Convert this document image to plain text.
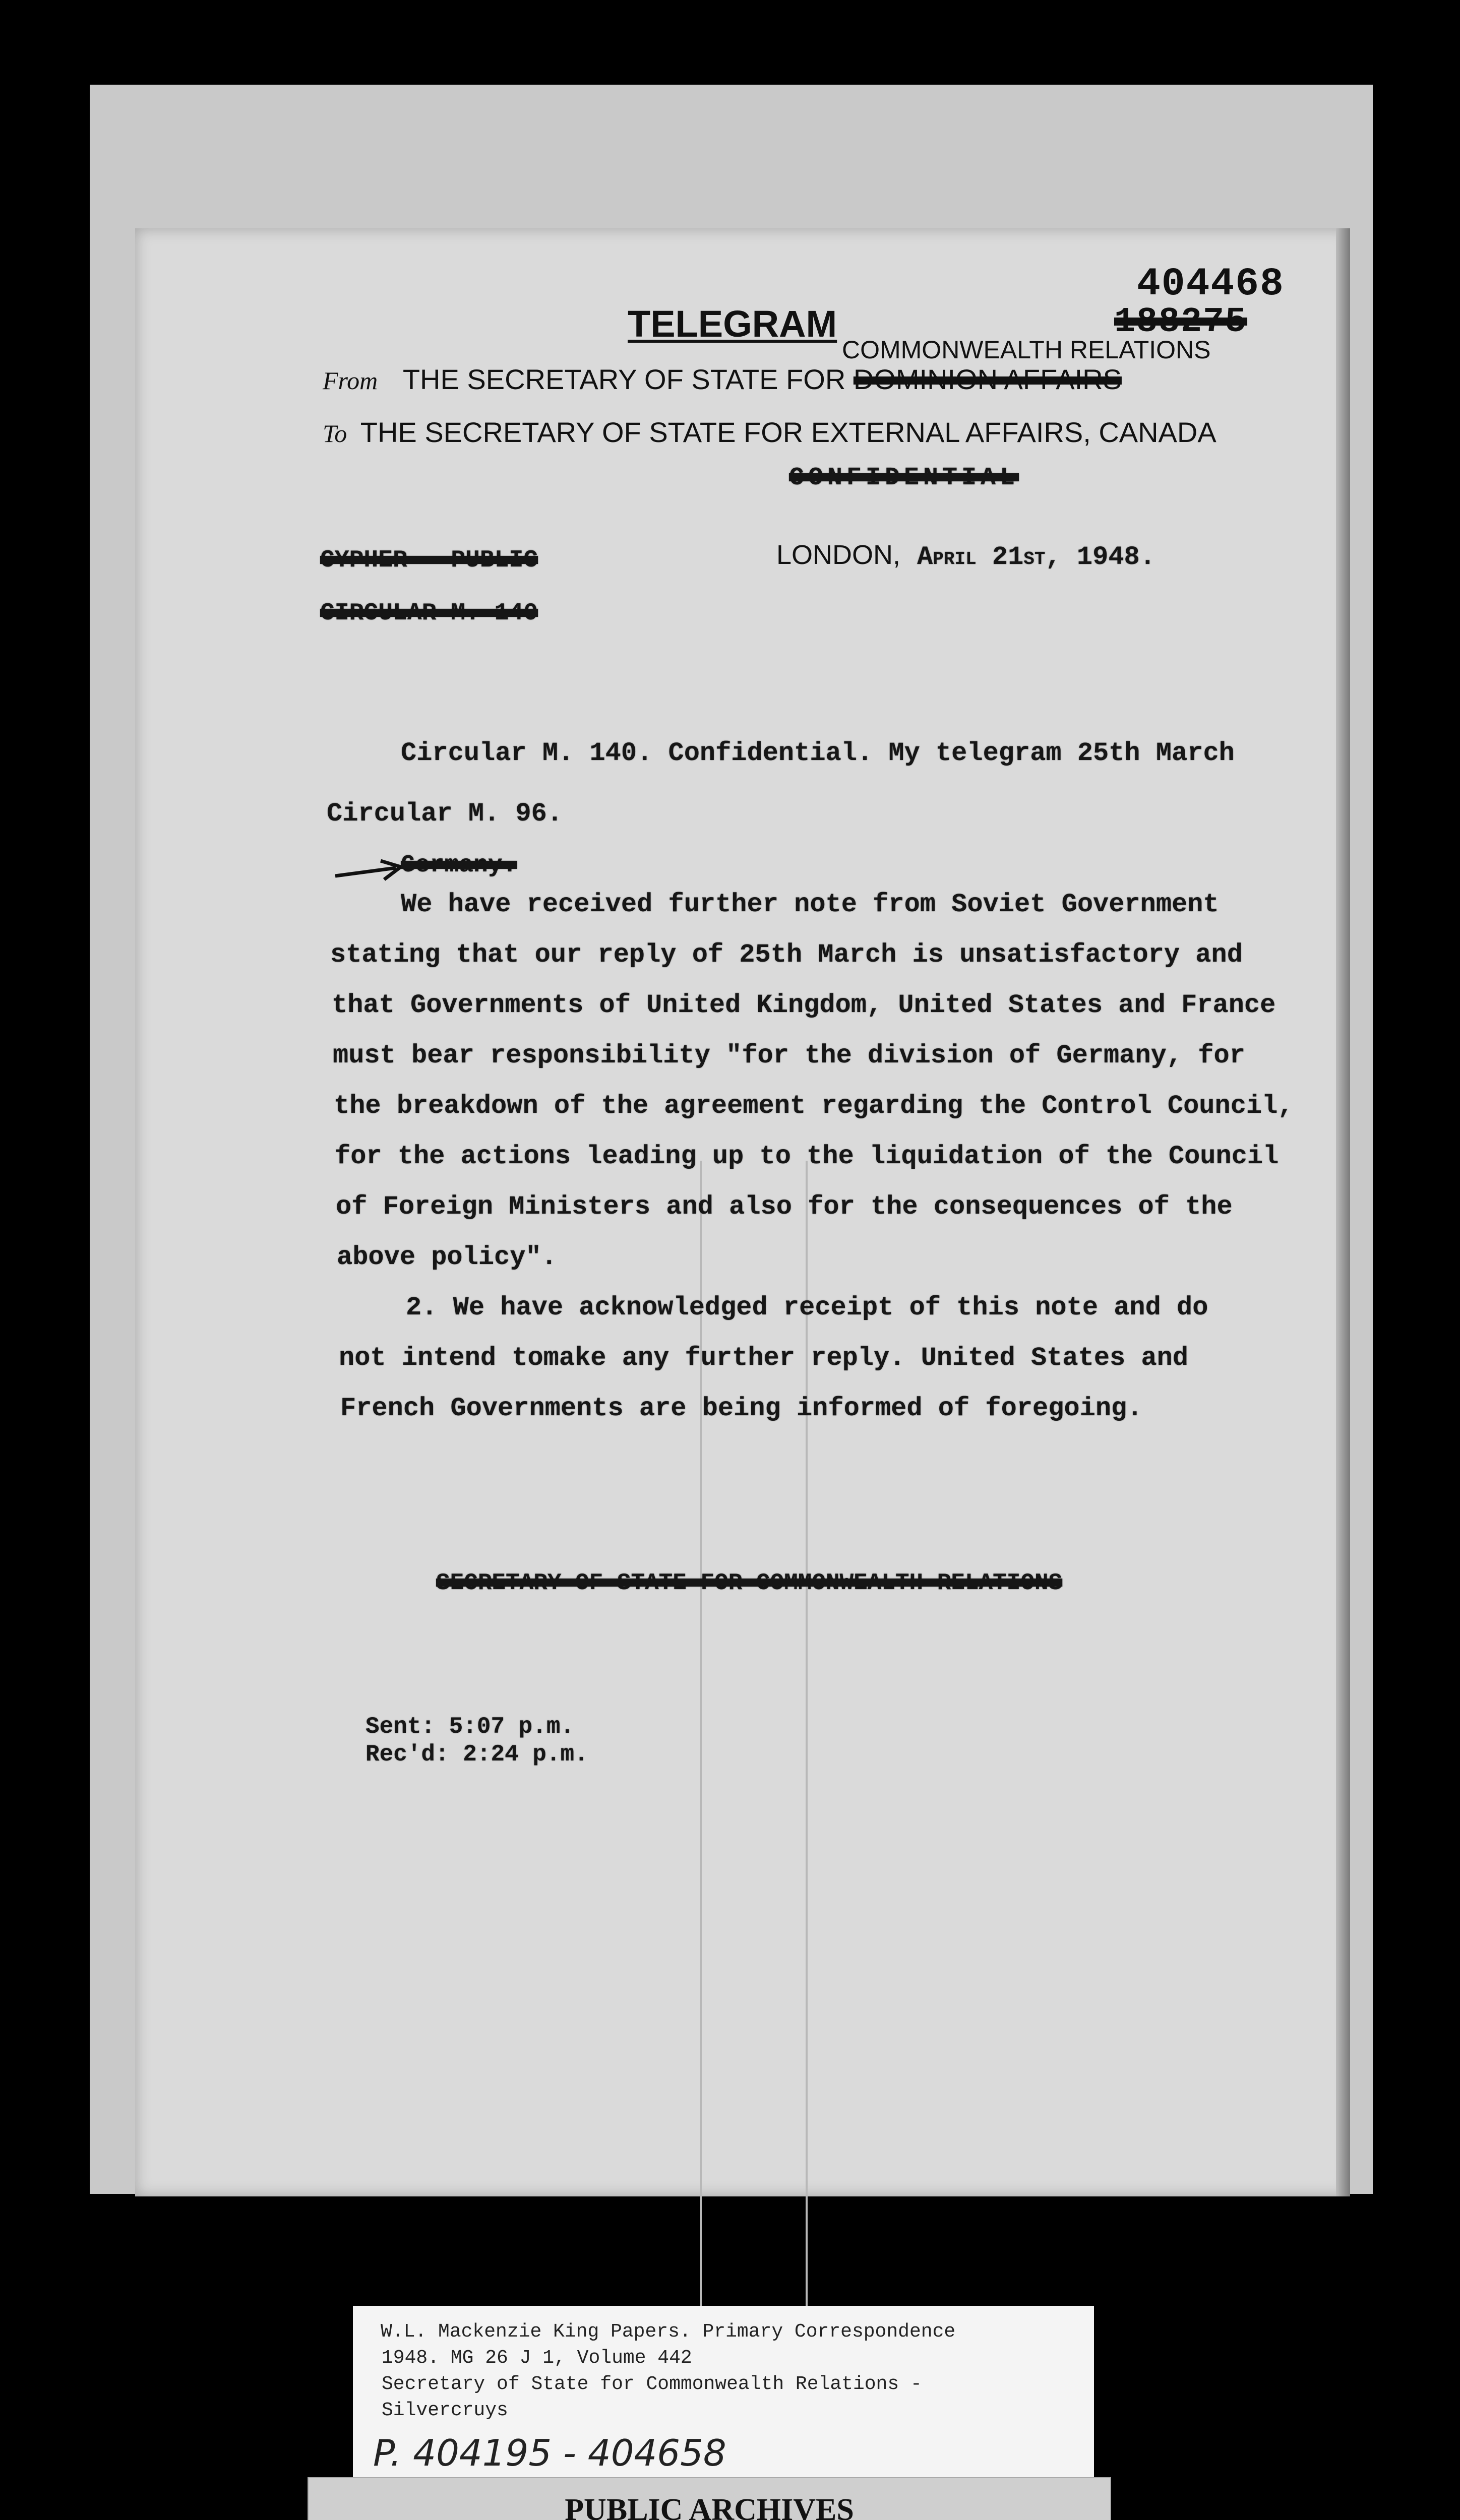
404468
188275
TELEGRAM
COMMONWEALTH RELATIONS
From THE SECRETARY OF STATE FOR DOMINION AFFAIRS
To THE SECRETARY OF STATE FOR EXTERNAL AFFAIRS, CANADA
CONFIDENTIAL
CYPHER - PUBLIC
CIRCULAR M. 140
LONDON, April 21st, 1948.
Circular M. 140. Confidential. My telegram 25th March
Circular M. 96.
Germany.
We have received further note from Soviet Government
stating that our reply of 25th March is unsatisfactory and
that Governments of United Kingdom, United States and France
must bear responsibility "for the division of Germany, for
the breakdown of the agreement regarding the Control Council,
for the actions leading up to the liquidation of the Council
of Foreign Ministers and also for the consequences of the
above policy".
2. We have acknowledged receipt of this note and do
not intend tomake any further reply. United States and
French Governments are being informed of foregoing.
SECRETARY OF STATE FOR COMMONWEALTH RELATIONS
Sent: 5:07 p.m.
Rec'd: 2:24 p.m.
W.L. Mackenzie King Papers. Primary Correspondence
1948. MG 26 J 1, Volume 442
Secretary of State for Commonwealth Relations -
Silvercruys
P. 404195 - 404658
PUBLIC ARCHIVES
